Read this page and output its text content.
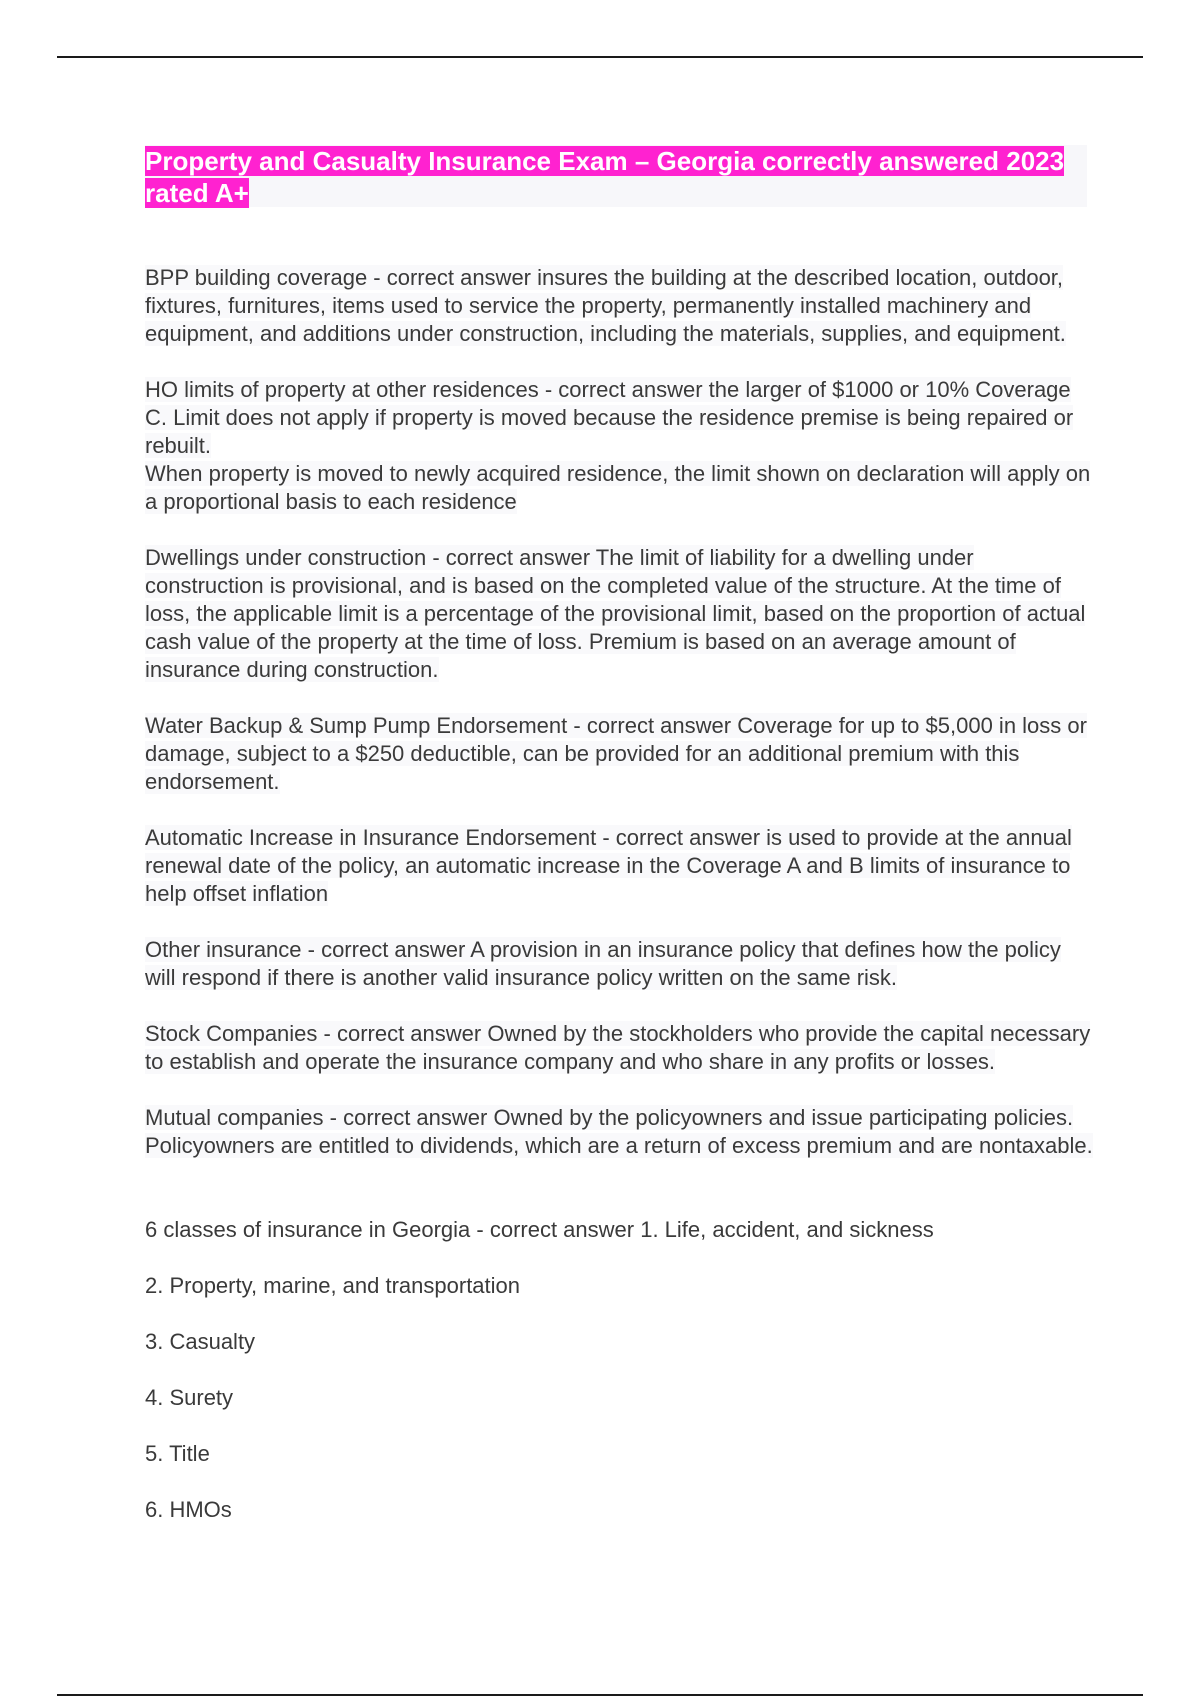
Property and Casualty Insurance Exam – Georgia correctly answered 2023 rated A+

BPP building coverage - correct answer insures the building at the described location, outdoor, fixtures, furnitures, items used to service the property, permanently installed machinery and equipment, and additions under construction, including the materials, supplies, and equipment.

HO limits of property at other residences - correct answer the larger of $1000 or 10% Coverage C. Limit does not apply if property is moved because the residence premise is being repaired or rebuilt.
When property is moved to newly acquired residence, the limit shown on declaration will apply on a proportional basis to each residence

Dwellings under construction - correct answer The limit of liability for a dwelling under construction is provisional, and is based on the completed value of the structure. At the time of loss, the applicable limit is a percentage of the provisional limit, based on the proportion of actual cash value of the property at the time of loss. Premium is based on an average amount of insurance during construction.

Water Backup & Sump Pump Endorsement - correct answer Coverage for up to $5,000 in loss or damage, subject to a $250 deductible, can be provided for an additional premium with this endorsement.

Automatic Increase in Insurance Endorsement - correct answer is used to provide at the annual renewal date of the policy, an automatic increase in the Coverage A and B limits of insurance to help offset inflation

Other insurance - correct answer A provision in an insurance policy that defines how the policy will respond if there is another valid insurance policy written on the same risk.

Stock Companies - correct answer Owned by the stockholders who provide the capital necessary to establish and operate the insurance company and who share in any profits or losses.

Mutual companies - correct answer Owned by the policyowners and issue participating policies. Policyowners are entitled to dividends, which are a return of excess premium and are nontaxable.

6 classes of insurance in Georgia - correct answer 1. Life, accident, and sickness

2. Property, marine, and transportation

3. Casualty

4. Surety

5. Title

6. HMOs
